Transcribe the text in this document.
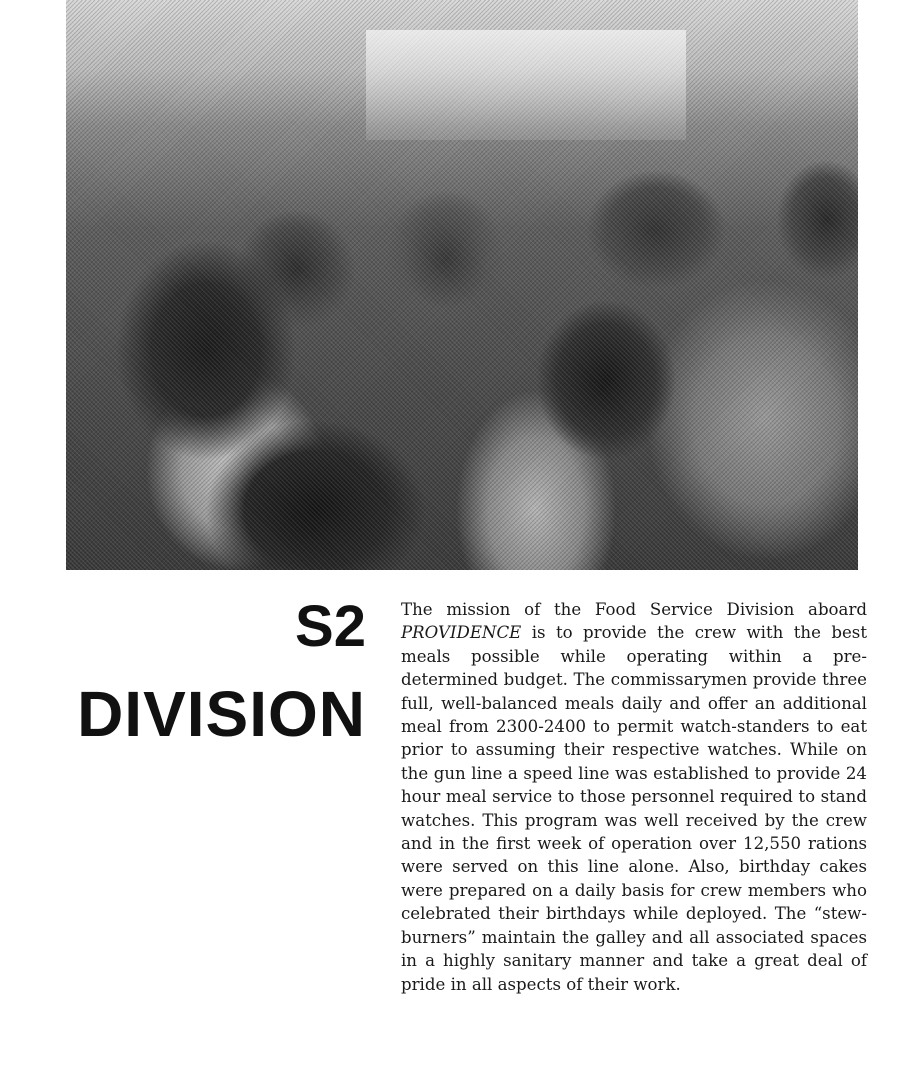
S2
DIVISION

The mission of the Food Service Division aboard PROVIDENCE is to provide the crew with the best meals possible while operating within a pre-determined budget. The commissarymen provide three full, well-balanced meals daily and offer an additional meal from 2300-2400 to permit watch-standers to eat prior to assuming their respective watches. While on the gun line a speed line was established to provide 24 hour meal service to those personnel required to stand watches. This program was well received by the crew and in the first week of operation over 12,550 rations were served on this line alone. Also, birthday cakes were prepared on a daily basis for crew members who celebrated their birthdays while deployed. The “stew-burners” maintain the galley and all associated spaces in a highly sanitary manner and take a great deal of pride in all aspects of their work.
